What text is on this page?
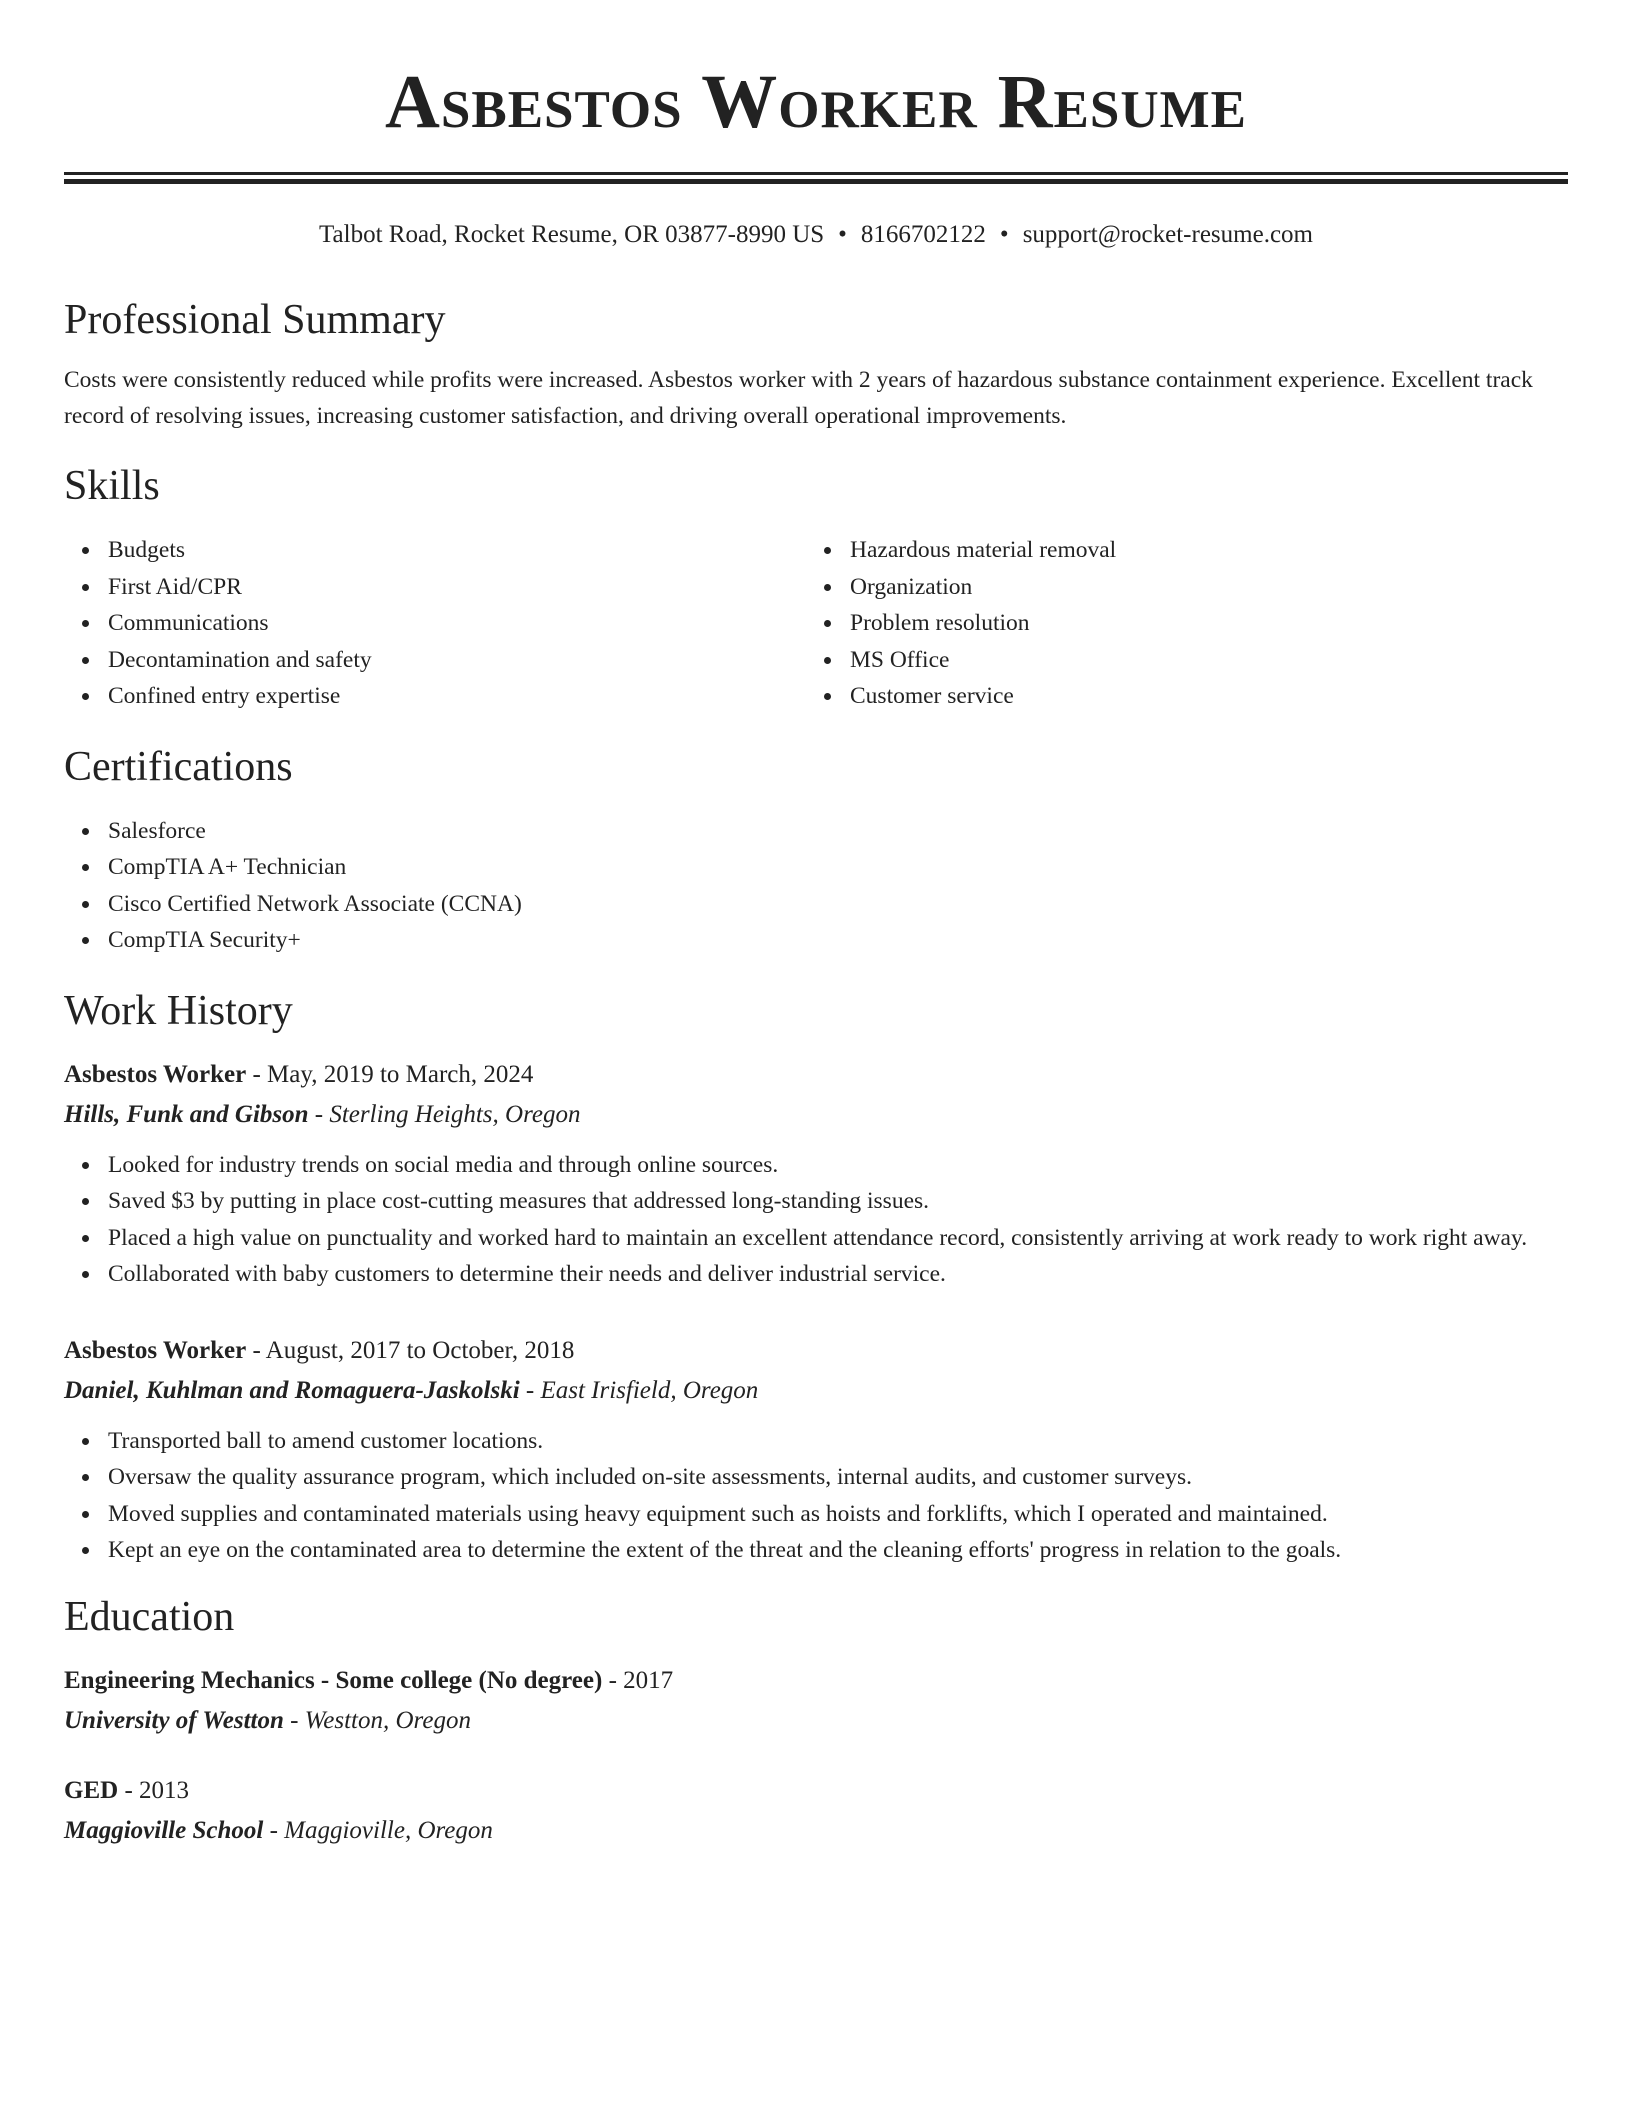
Asbestos Worker Resume
Talbot Road, Rocket Resume, OR 03877-8990 US • 8166702122 • support@rocket-resume.com
Professional Summary

Costs were consistently reduced while profits were increased. Asbestos worker with 2 years of hazardous substance containment experience. Excellent track record of resolving issues, increasing customer satisfaction, and driving overall operational improvements.

Skills
Budgets
First Aid/CPR
Communications
Decontamination and safety
Confined entry expertise
Hazardous material removal
Organization
Problem resolution
MS Office
Customer service
Certifications
Salesforce
CompTIA A+ Technician
Cisco Certified Network Associate (CCNA)
CompTIA Security+
Work History
Asbestos Worker - May, 2019 to March, 2024
Hills, Funk and Gibson - Sterling Heights, Oregon
Looked for industry trends on social media and through online sources.
Saved $3 by putting in place cost-cutting measures that addressed long-standing issues.
Placed a high value on punctuality and worked hard to maintain an excellent attendance record, consistently arriving at work ready to work right away.
Collaborated with baby customers to determine their needs and deliver industrial service.
Asbestos Worker - August, 2017 to October, 2018
Daniel, Kuhlman and Romaguera-Jaskolski - East Irisfield, Oregon
Transported ball to amend customer locations.
Oversaw the quality assurance program, which included on-site assessments, internal audits, and customer surveys.
Moved supplies and contaminated materials using heavy equipment such as hoists and forklifts, which I operated and maintained.
Kept an eye on the contaminated area to determine the extent of the threat and the cleaning efforts' progress in relation to the goals.
Education
Engineering Mechanics - Some college (No degree) - 2017
University of Westton - Westton, Oregon
GED - 2013
Maggioville School - Maggioville, Oregon
